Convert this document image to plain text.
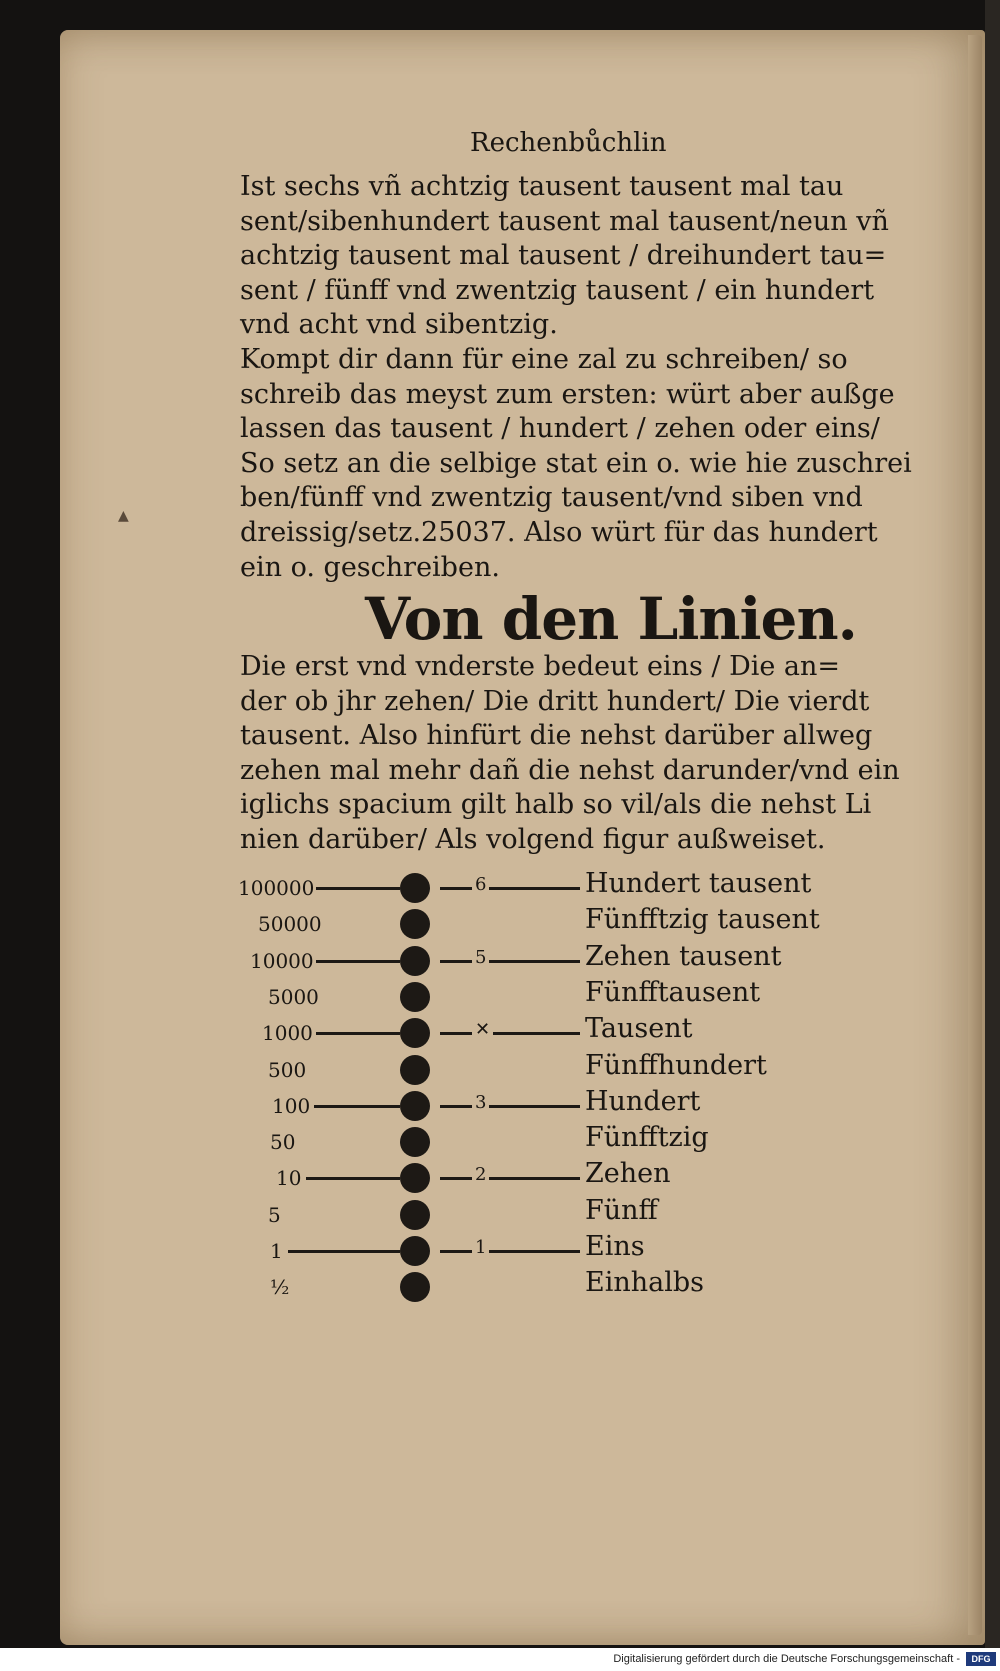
▲
Rechenbůchlin
Ist sechs vñ achtzig tausent tausent mal tau
sent/sibenhundert tausent mal tausent/neun vñ
achtzig tausent mal tausent / dreihundert tau=
sent / fünff vnd zwentzig tausent / ein hundert
vnd acht vnd sibentzig.
Kompt dir dann für eine zal zu schreiben/ so
schreib das meyst zum ersten: würt aber außge
lassen das tausent / hundert / zehen oder eins/
So setz an die selbige stat ein o. wie hie zuschrei
ben/fünff vnd zwentzig tausent/vnd siben vnd
dreissig/setz.25037. Also würt für das hundert
ein o. geschreiben.
Von den Linien.
Die erst vnd vnderste bedeut eins / Die an=
der ob jhr zehen/ Die dritt hundert/ Die vierdt
tausent. Also hinfürt die nehst darüber allweg
zehen mal mehr dañ die nehst darunder/vnd ein
iglichs spacium gilt halb so vil/als die nehst Li
nien darüber/ Als volgend figur außweiset.
100000	6	Hundert tausent
50000	Fünfftzig tausent
10000	5	Zehen tausent
5000	Fünfftausent
1000	✕	Tausent
500	Fünffhundert
100	3	Hundert
50	Fünfftzig
10	2	Zehen
5	Fünff
1	1	Eins
½	Einhalbs
Digitalisierung gefördert durch die Deutsche Forschungsgemeinschaft -	DFG
